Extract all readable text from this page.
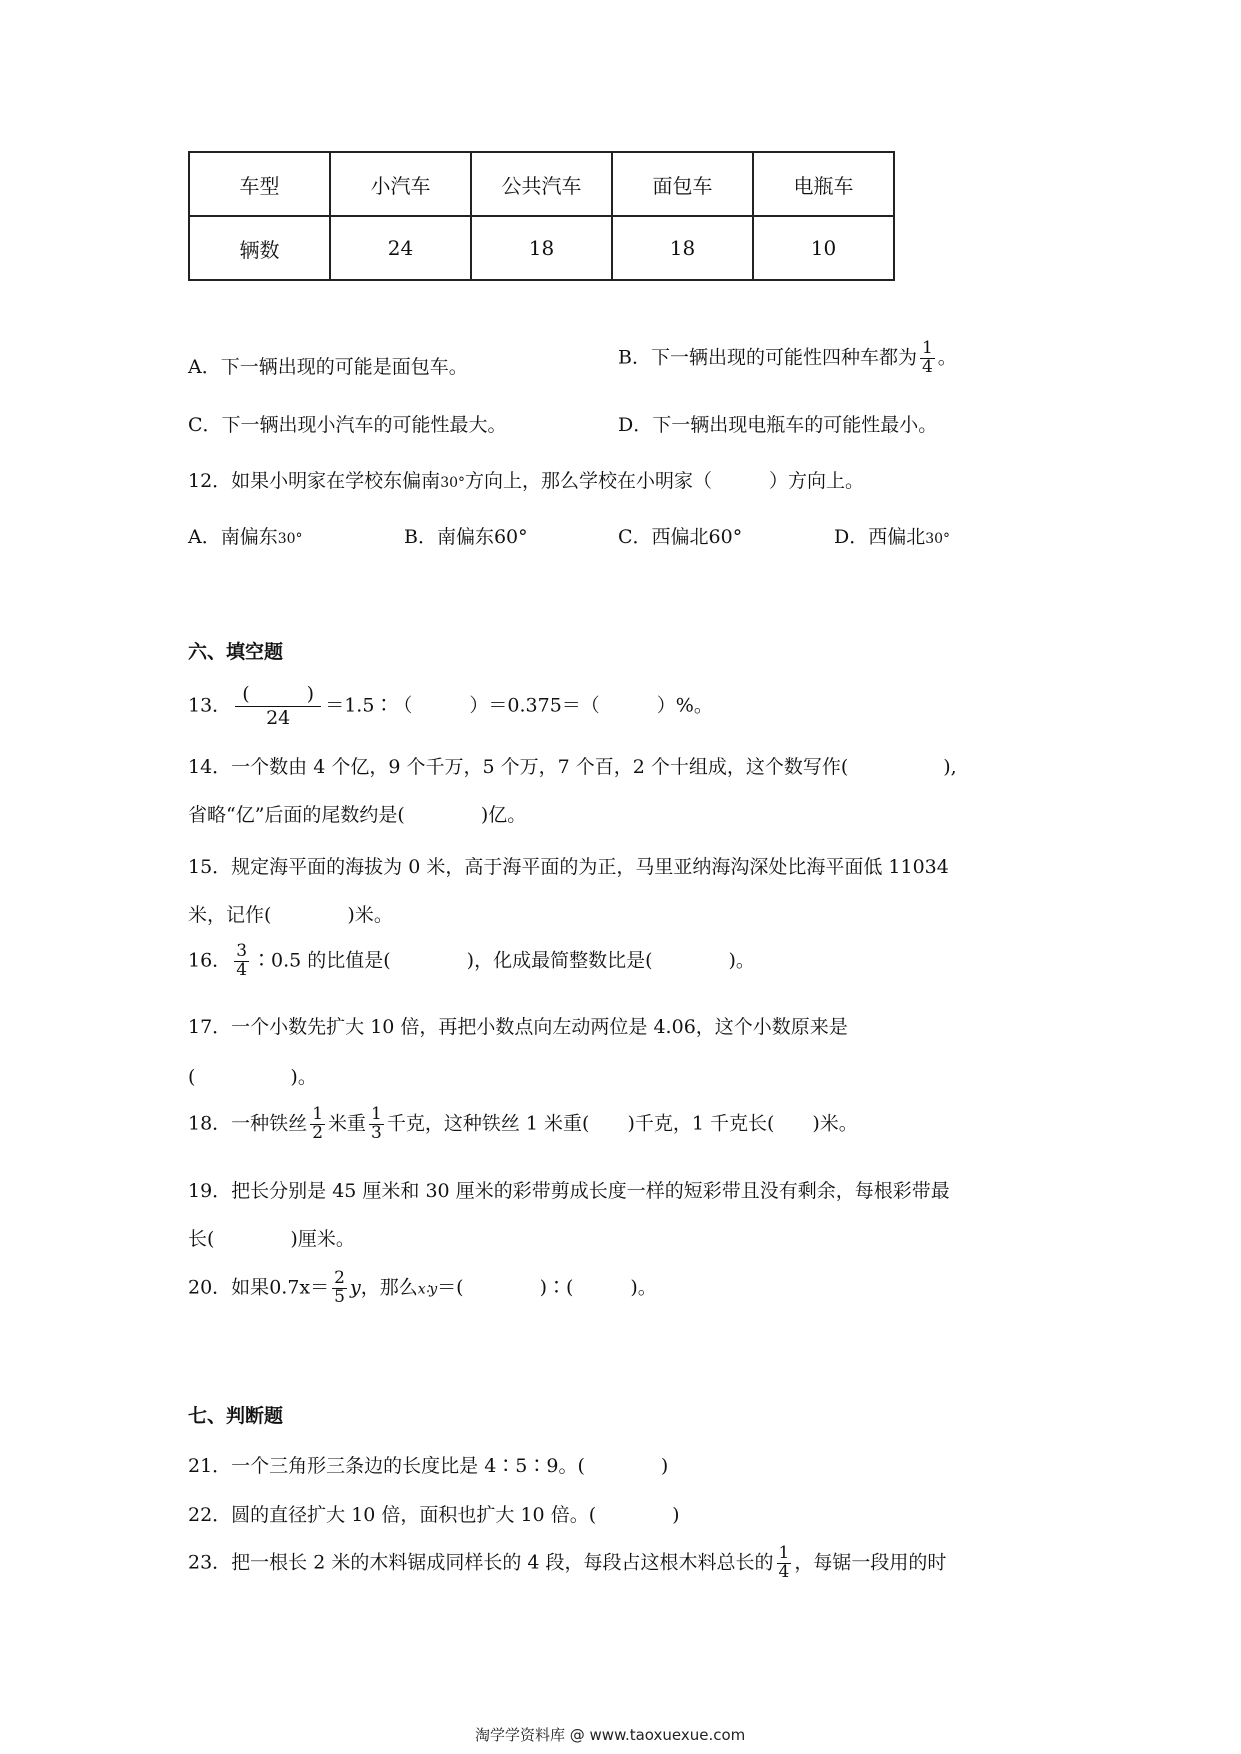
车型	小汽车	公共汽车	面包车	电瓶车
辆数	24	18	18	10
A．下一辆出现的可能是面包车。	B．下一辆出现的可能性四种车都为 $\frac{1}{4}$ 。
C．下一辆出现小汽车的可能性最大。	D．下一辆出现电瓶车的可能性最小。
12．如果小明家在学校东偏南30°方向上，那么学校在小明家（　　　）方向上。
A．南偏东30°	B．南偏东60°	C．西偏北60°	D．西偏北30°
六、填空题
13． $\frac{( )}{24}$ ＝1.5∶（　　　）＝0.375＝（　　　）%。
14．一个数由 4 个亿，9 个千万，5 个万，7 个百，2 个十组成，这个数写作(　　　　　),
省略“亿”后面的尾数约是(　　　　)亿。
15．规定海平面的海拔为 0 米，高于海平面的为正，马里亚纳海沟深处比海平面低 11034
米，记作(　　　　)米。
16． $\frac{3}{4}$ ∶0.5 的比值是(　　　　)，化成最简整数比是(　　　　)。
17．一个小数先扩大 10 倍，再把小数点向左动两位是 4.06，这个小数原来是
(　　　　　)。
18．一种铁丝 $\frac{1}{2}$ 米重 $\frac{1}{3}$ 千克，这种铁丝 1 米重(　　)千克，1 千克长(　　)米。
19．把长分别是 45 厘米和 30 厘米的彩带剪成长度一样的短彩带且没有剩余，每根彩带最
长(　　　　)厘米。
20．如果$0.7x= \frac{2}{5}$ y，那么x∶y＝(　　　　)∶(　　　)。
七、判断题
21．一个三角形三条边的长度比是 4∶5∶9。(　　　　)
22．圆的直径扩大 10 倍，面积也扩大 10 倍。(　　　　)
23．把一根长 2 米的木料锯成同样长的 4 段，每段占这根木料总长的 $\frac{1}{4}$ ，每锯一段用的时
淘学学资料库 @ www.taoxuexue.com
